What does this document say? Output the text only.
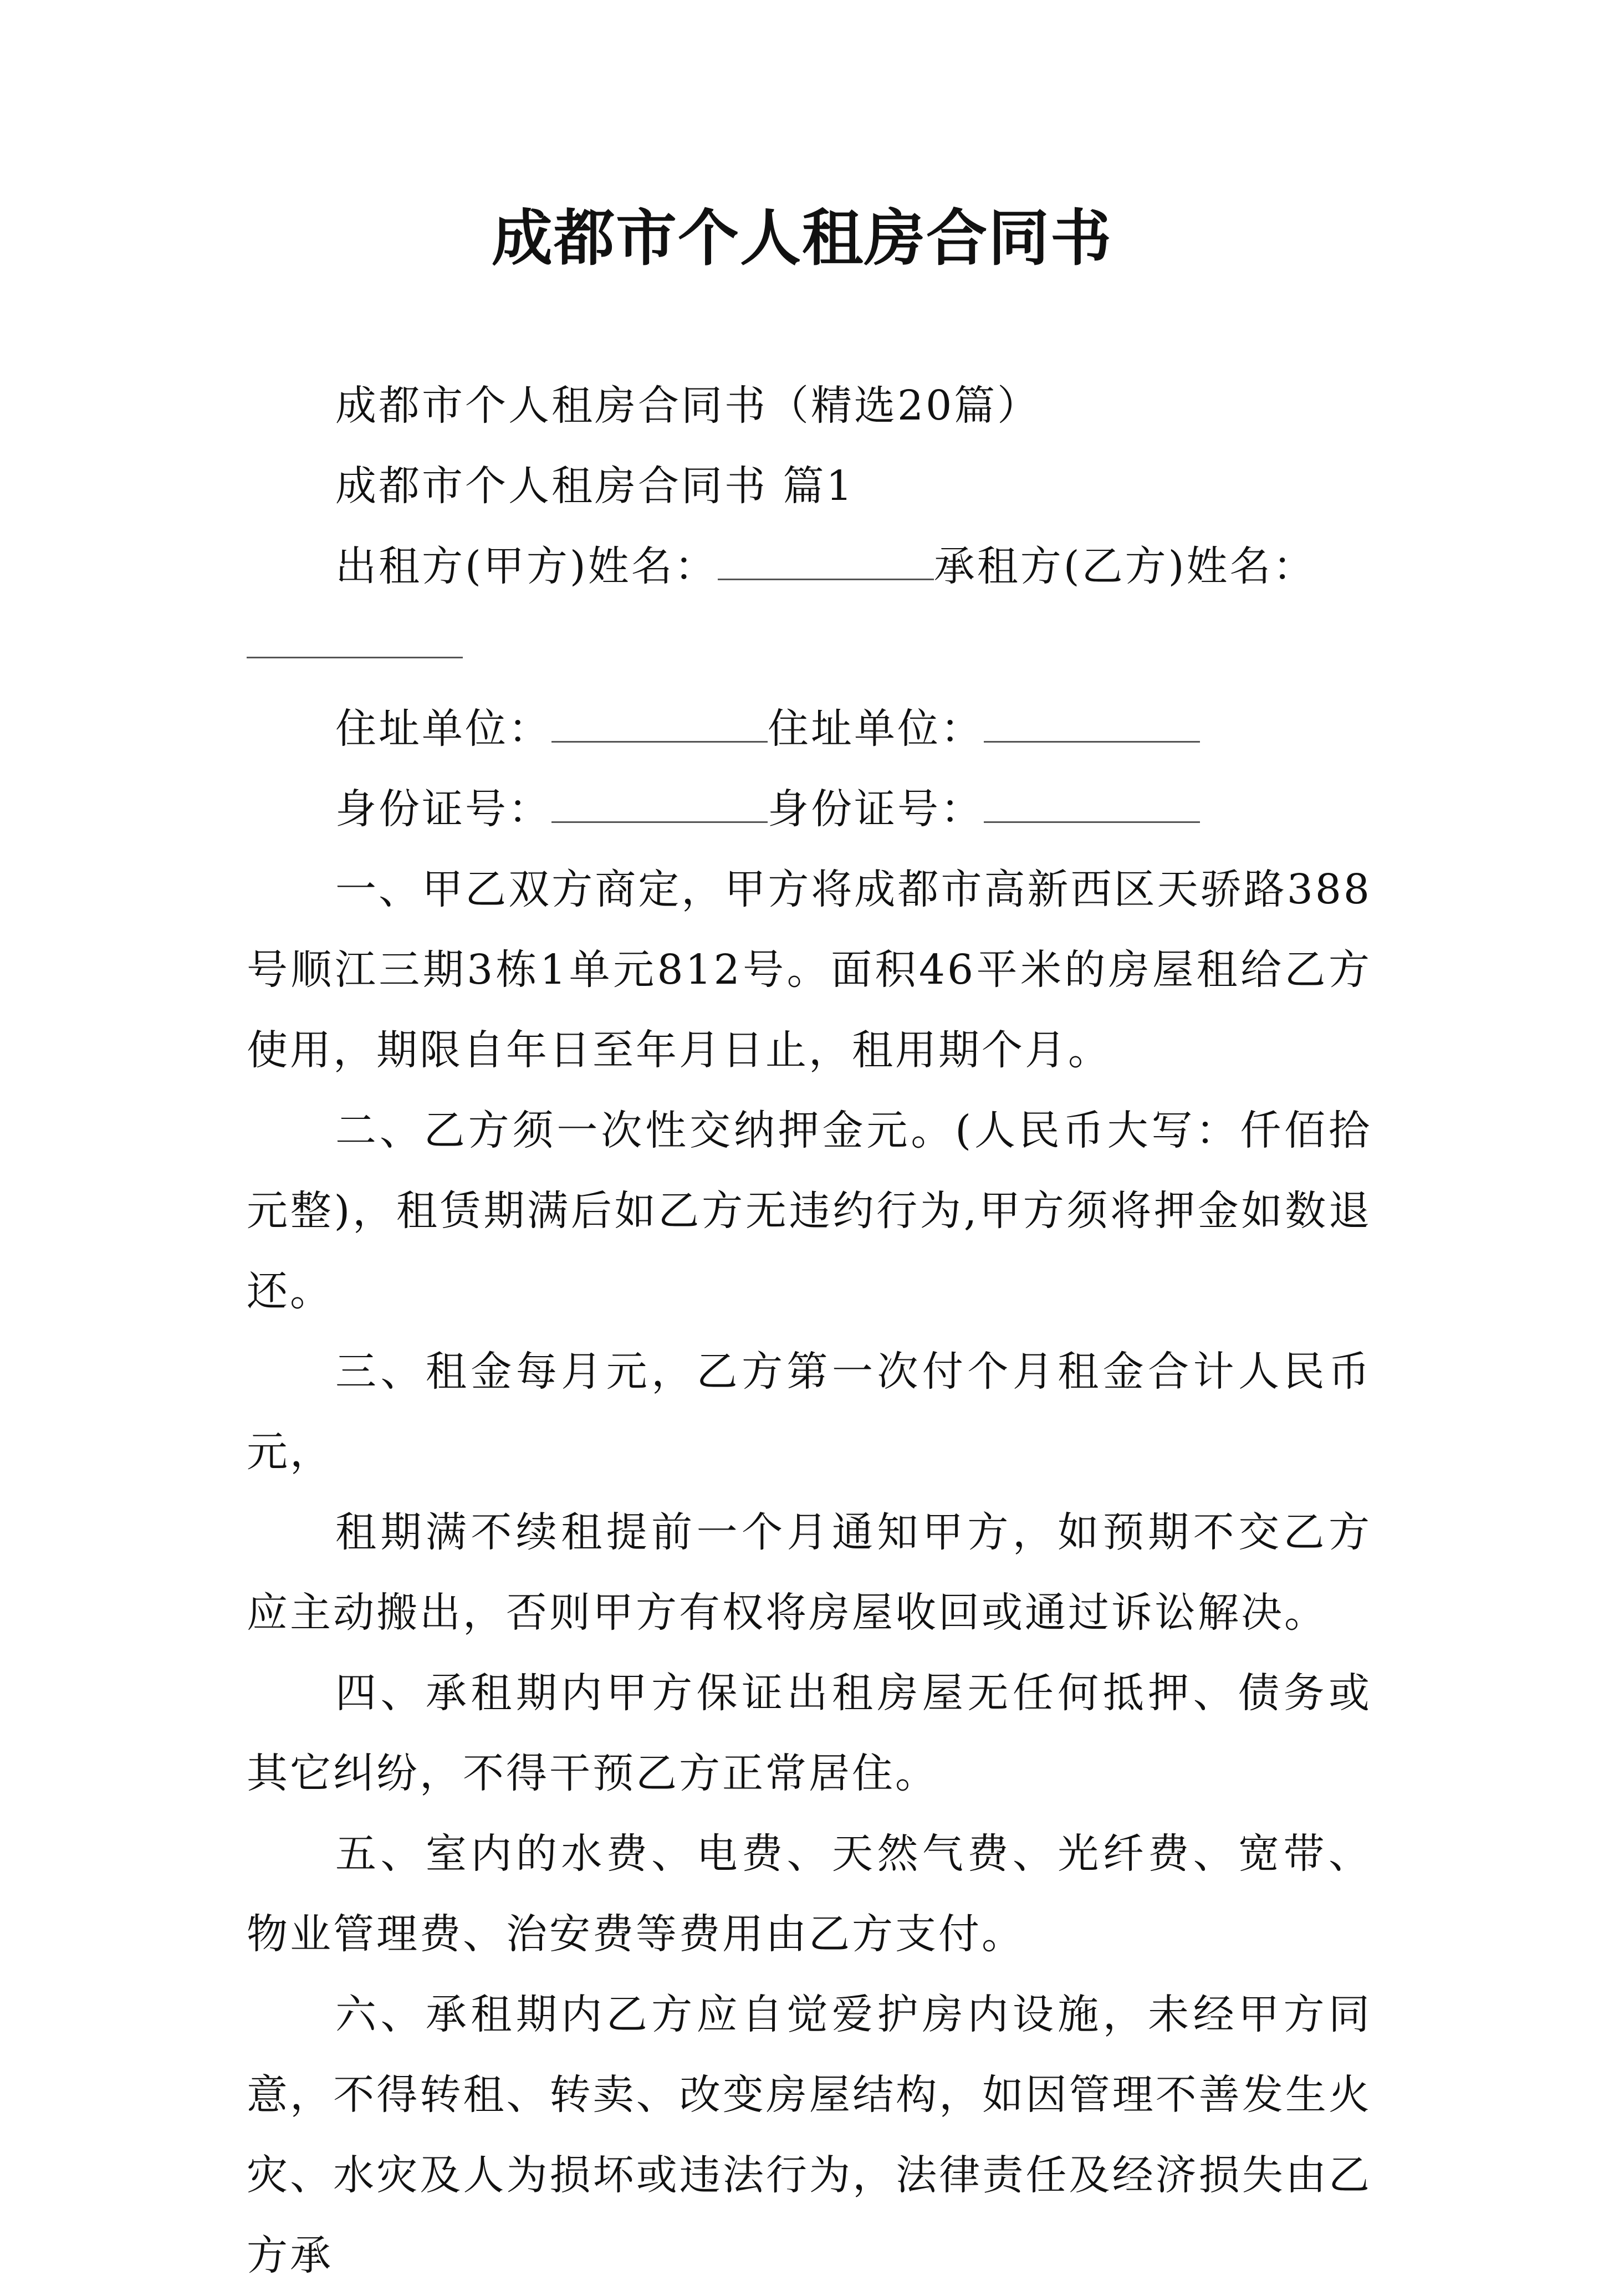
成都市个人租房合同书

成都市个人租房合同书（精选20篇）

成都市个人租房合同书 篇1

出租方(甲方)姓名：	承租方(乙方)姓名：

住址单位：	住址单位：

身份证号：	身份证号：

一、甲乙双方商定，甲方将成都市高新西区天骄路388号顺江三期3栋1单元812号。面积46平米的房屋租给乙方使用，期限自年日至年月日止，租用期个月。

二、乙方须一次性交纳押金元。(人民币大写：仟佰拾元整)，租赁期满后如乙方无违约行为,甲方须将押金如数退还。

三、租金每月元，乙方第一次付个月租金合计人民币元，

租期满不续租提前一个月通知甲方，如预期不交乙方应主动搬出，否则甲方有权将房屋收回或通过诉讼解决。

四、承租期内甲方保证出租房屋无任何抵押、债务或其它纠纷，不得干预乙方正常居住。

五、室内的水费、电费、天然气费、光纤费、宽带、物业管理费、治安费等费用由乙方支付。

六、承租期内乙方应自觉爱护房内设施，未经甲方同意，不得转租、转卖、改变房屋结构，如因管理不善发生火灾、水灾及人为损坏或违法行为，法律责任及经济损失由乙方承
